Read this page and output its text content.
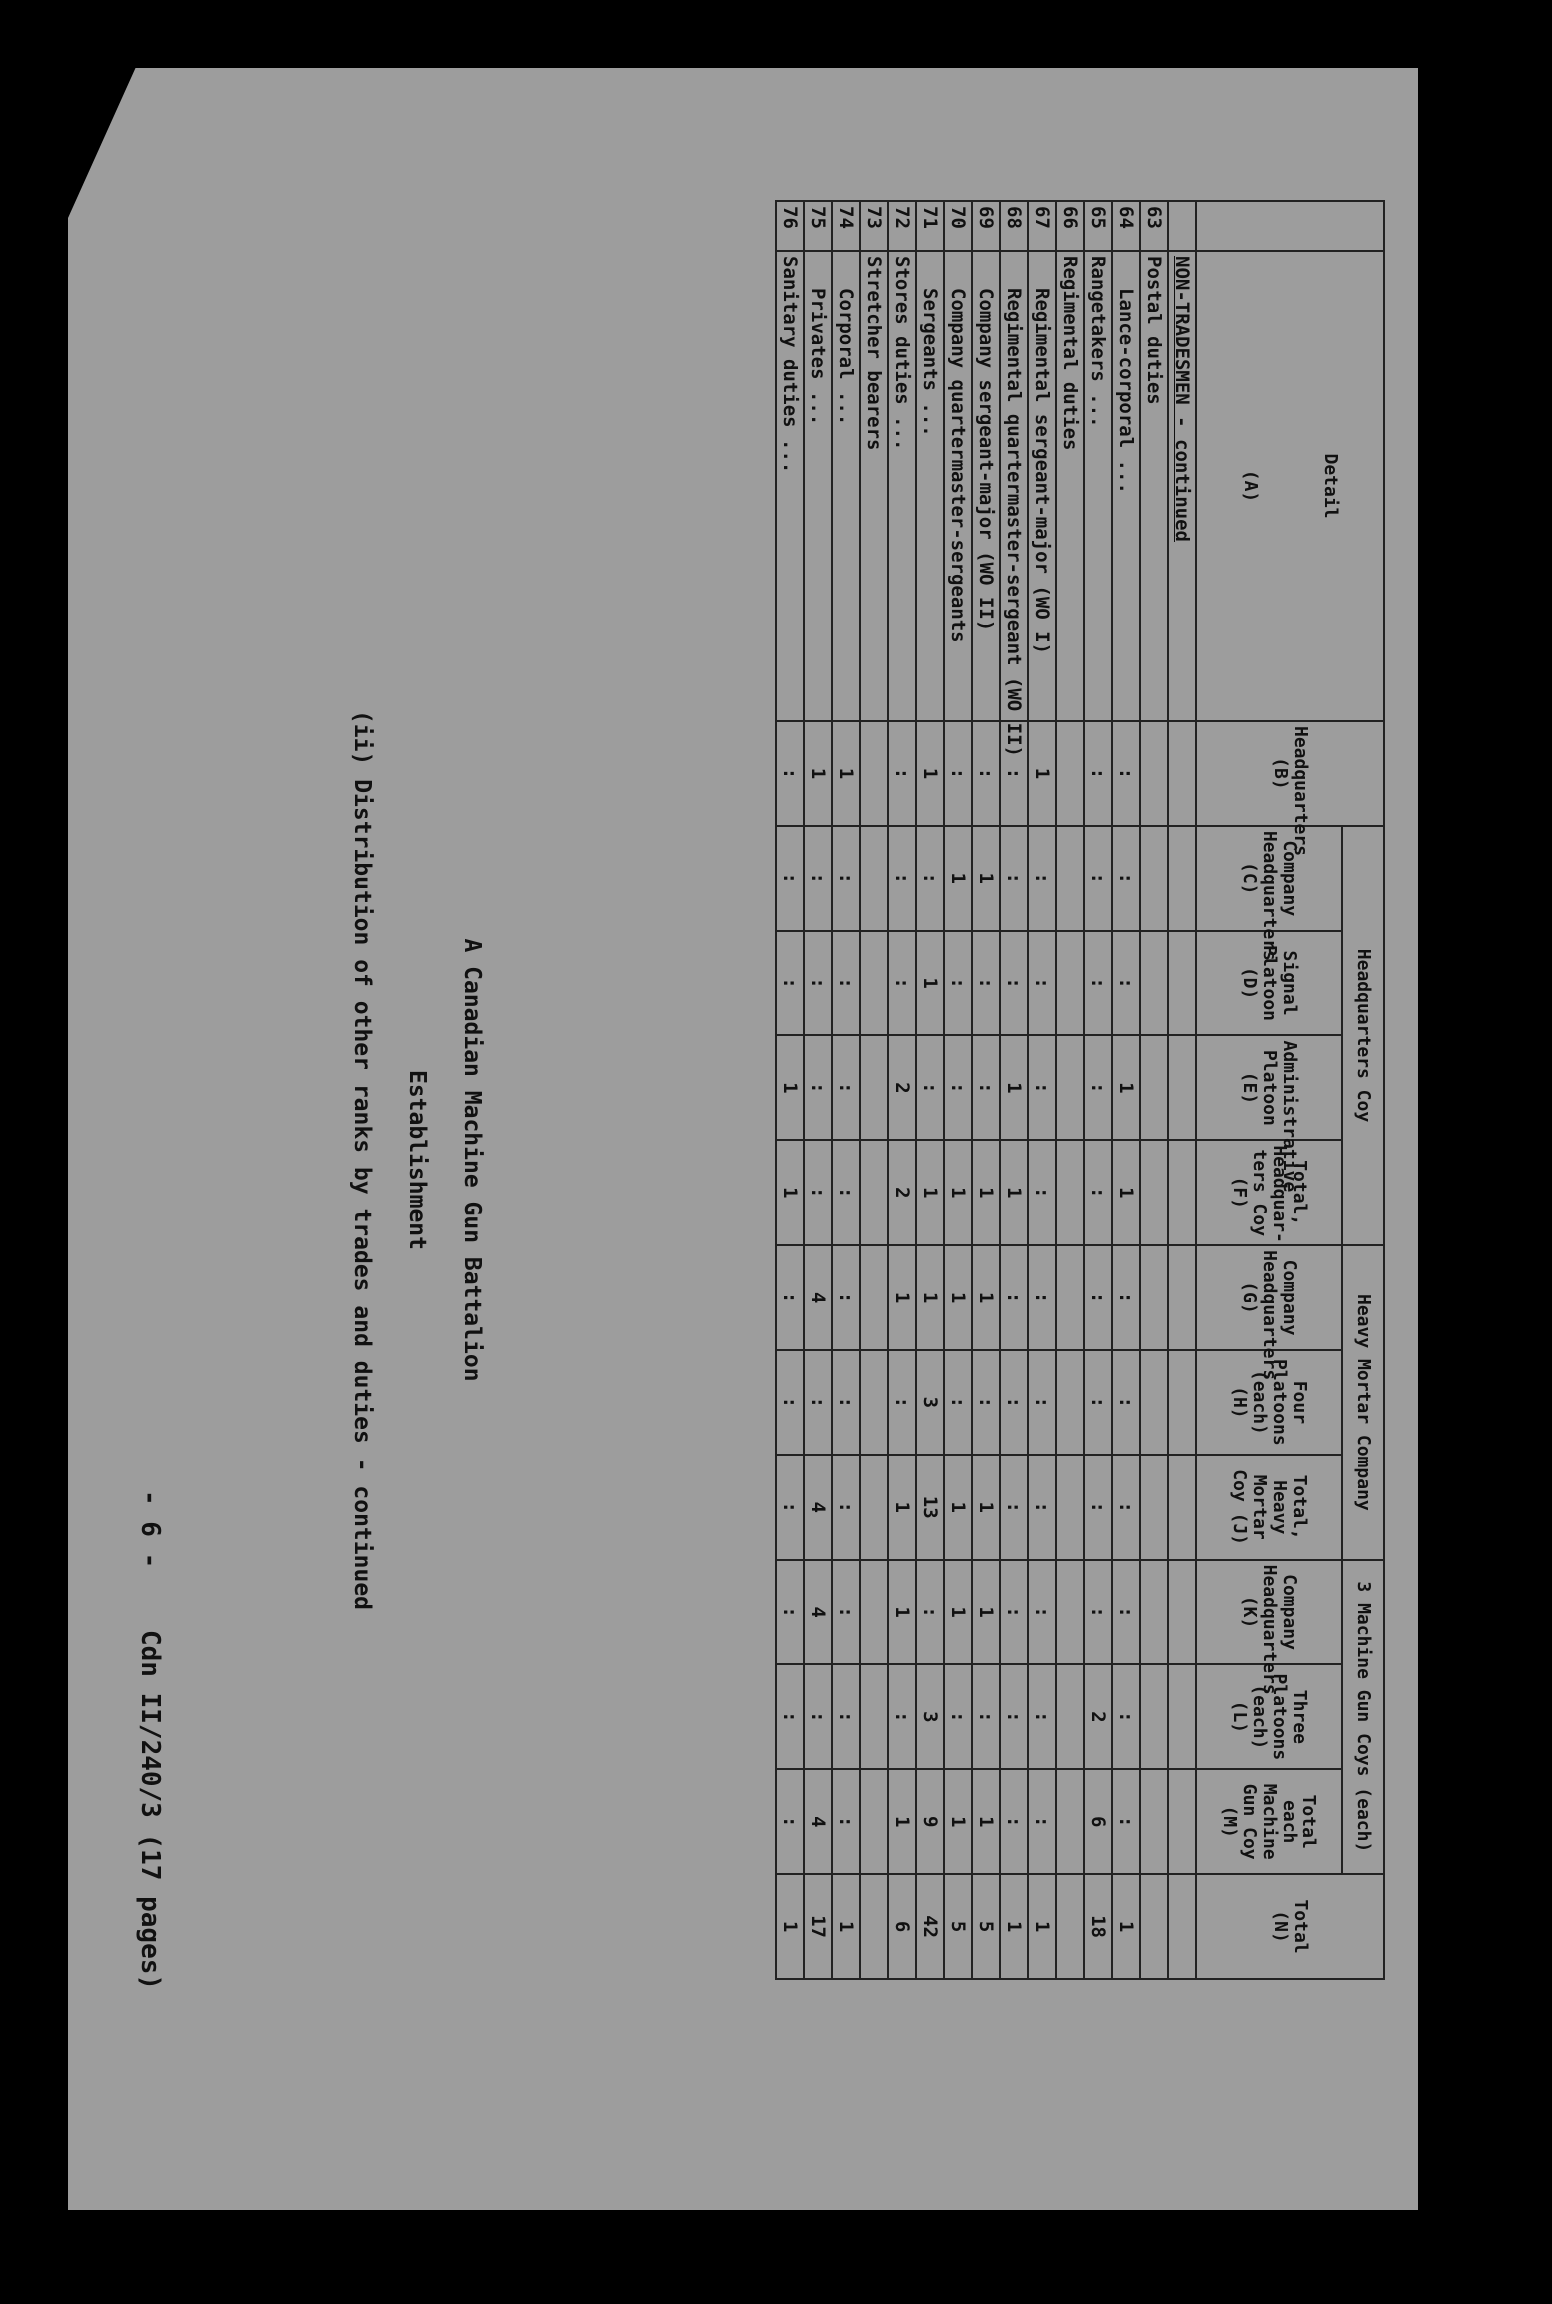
- 6 -
Cdn II/240/3 (17 pages)
A Canadian Machine Gun Battalion
Establishment
(ii) Distribution of other ranks by trades and duties - continued

	Detail
(A)	Headquarters (B)	Headquarters Coy				Heavy Mortar Company			3 Machine Gun Coys (each)			Total (N)
			Company Headquarters (C)	Signal Platoon (D)	Administrative Platoon (E)	Total, Headquar-ters Coy (F)	Company Headquarters (G)	Four Platoons (each) (H)	Total, Heavy Mortar Coy (J)	Company Headquarters (K)	Three Platoons (each) (L)	Total each Machine Gun Coy (M)	
	NON-TRADESMEN - continued												
63	Postal duties												
64	Lance-corporal ...	:	:	:	1	1	:	:	:	:	:	:	1
65	Rangetakers ...	:	:	:	:	:	:	:	:	:	2	6	18
66	Regimental duties												
67	Regimental sergeant-major (WO I)	1	:	:	:	:	:	:	:	:	:	:	1
68	Regimental quartermaster-sergeant (WO II)	:	:	:	1	1	:	:	:	:	:	:	1
69	Company sergeant-major (WO II)	:	1	:	:	1	1	:	1	1	:	1	5
70	Company quartermaster-sergeants	:	1	:	:	1	1	:	1	1	:	1	5
71	Sergeants ...	1	:	1	:	1	1	3	13	:	3	9	42
72	Stores duties ...	:	:	:	2	2	1	:	1	1	:	1	6
73	Stretcher bearers												
74	Corporal ...	1	:	:	:	:	:	:	:	:	:	:	1
75	Privates ...	1	:	:	:	:	4	:	4	4	:	4	17
76	Sanitary duties ...	:	:	:	1	1	:	:	:	:	:	:	1
